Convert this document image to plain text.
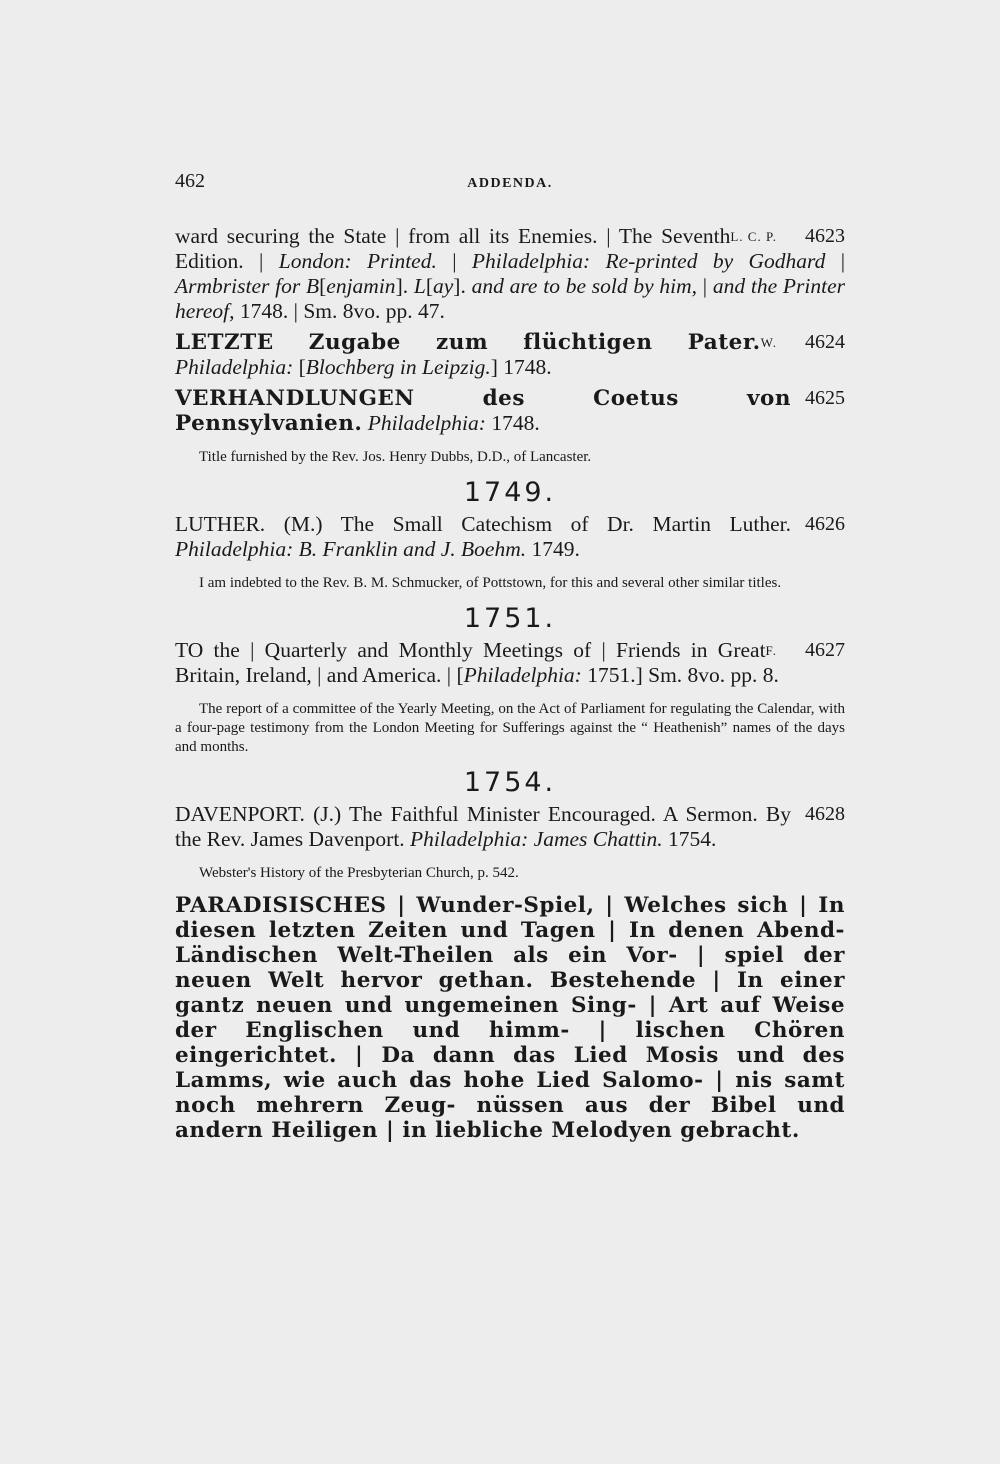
462	ADDENDA.

4623
L. C. P.
ward securing the State | from all its Enemies. | The Seventh Edition. | London: Printed. | Philadelphia: Re-printed by Godhard | Armbrister for B[enjamin]. L[ay]. and are to be sold by him, | and the Printer hereof, 1748. | Sm. 8vo. pp. 47.

4624
W.
LETZTE Zugabe zum flüchtigen Pater. Philadelphia: [Blochberg in Leipzig.] 1748.

4625
VERHANDLUNGEN des Coetus von Pennsylvanien. Philadelphia: 1748.

Title furnished by the Rev. Jos. Henry Dubbs, D.D., of Lancaster.

1749.

4626
LUTHER. (M.) The Small Catechism of Dr. Martin Luther. Philadelphia: B. Franklin and J. Boehm. 1749.

I am indebted to the Rev. B. M. Schmucker, of Pottstown, for this and several other similar titles.

1751.

4627
F.
TO the | Quarterly and Monthly Meetings of | Friends in Great Britain, Ireland, | and America. | [Philadelphia: 1751.] Sm. 8vo. pp. 8.

The report of a committee of the Yearly Meeting, on the Act of Parliament for regulating the Calendar, with a four-page testimony from the London Meeting for Sufferings against the “ Heathenish” names of the days and months.

1754.

4628
DAVENPORT. (J.) The Faithful Minister Encouraged. A Sermon. By the Rev. James Davenport. Philadelphia: James Chattin. 1754.

Webster's History of the Presbyterian Church, p. 542.

PARADISISCHES | Wunder-Spiel, | Welches sich | In diesen letzten Zeiten und Tagen | In denen Abend-Ländischen Welt-Theilen als ein Vor- | spiel der neuen Welt hervor gethan. Bestehende | In einer gantz neuen und ungemeinen Sing- | Art auf Weise der Englischen und himm- | lischen Chören eingerichtet. | Da dann das Lied Mosis und des Lamms, wie auch das hohe Lied Salomo- | nis samt noch mehrern Zeug- nüssen aus der Bibel und andern Heiligen | in liebliche Melodyen gebracht.
